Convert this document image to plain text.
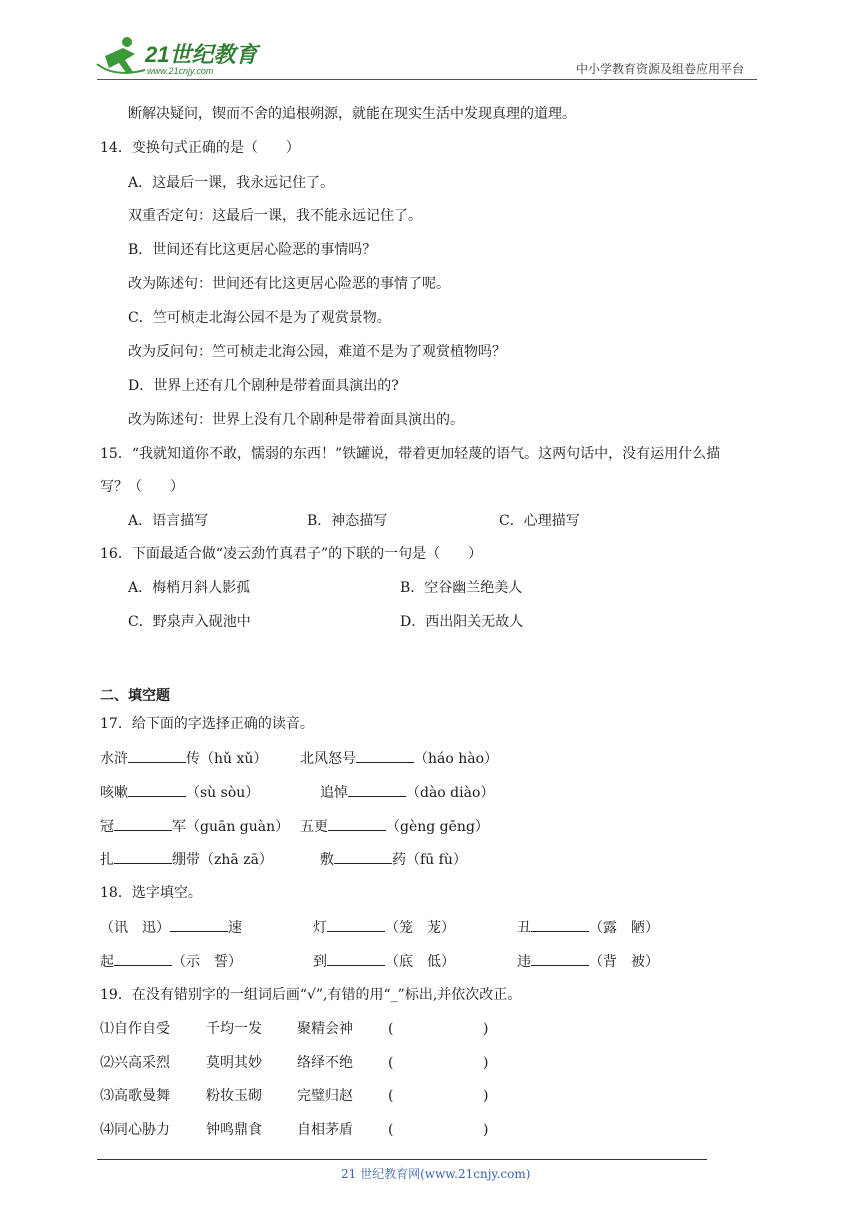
21世纪教育
www.21cnjy.com	中小学教育资源及组卷应用平台
断解决疑问，锲而不舍的追根朔源，就能在现实生活中发现真理的道理。
14．变换句式正确的是（　　）
A．这最后一课，我永远记住了。
双重否定句：这最后一课，我不能永远记住了。
B．世间还有比这更居心险恶的事情吗？
改为陈述句：世间还有比这更居心险恶的事情了呢。
C．竺可桢走北海公园不是为了观赏景物。
改为反问句：竺可桢走北海公园，难道不是为了观赏植物吗？
D．世界上还有几个剧种是带着面具演出的?
改为陈述句：世界上没有几个剧种是带着面具演出的。
15．“我就知道你不敢，懦弱的东西！”铁罐说，带着更加轻蔑的语气。这两句话中，没有运用什么描
写？（　　）
A．语言描写	B．神态描写	C．心理描写
16．下面最适合做“凌云劲竹真君子”的下联的一句是（　　）
A．梅梢月斜人影孤	B．空谷幽兰绝美人
C．野泉声入砚池中	D．西出阳关无故人
二、填空题
17．给下面的字选择正确的读音。
水浒	传（hǔ xǔ） 北风怒号	（háo hào）
咳嗽	（sù sòu）	追悼	（dào diào）
冠	军（guān guàn） 五更	（gèng gēng）
扎	绷带（zhā zā）	敷	药（fū fù）
18．选字填空。
（讯　迅）	速	灯	（笼　茏）	丑	（露　陋）
起	（示　誓）	到	（底　低）	违	（背　被）
19．在没有错别字的一组词后画“√”,有错的用“_”标出,并依次改正。
⑴自作自受	千均一发	聚精会神	(	)
⑵兴高采烈	莫明其妙	络绎不绝	(	)
⑶高歌曼舞	粉妆玉砌	完璧归赵	(	)
⑷同心胁力	钟鸣鼎食	自相茅盾	(	)
21 世纪教育网(www.21cnjy.com)
